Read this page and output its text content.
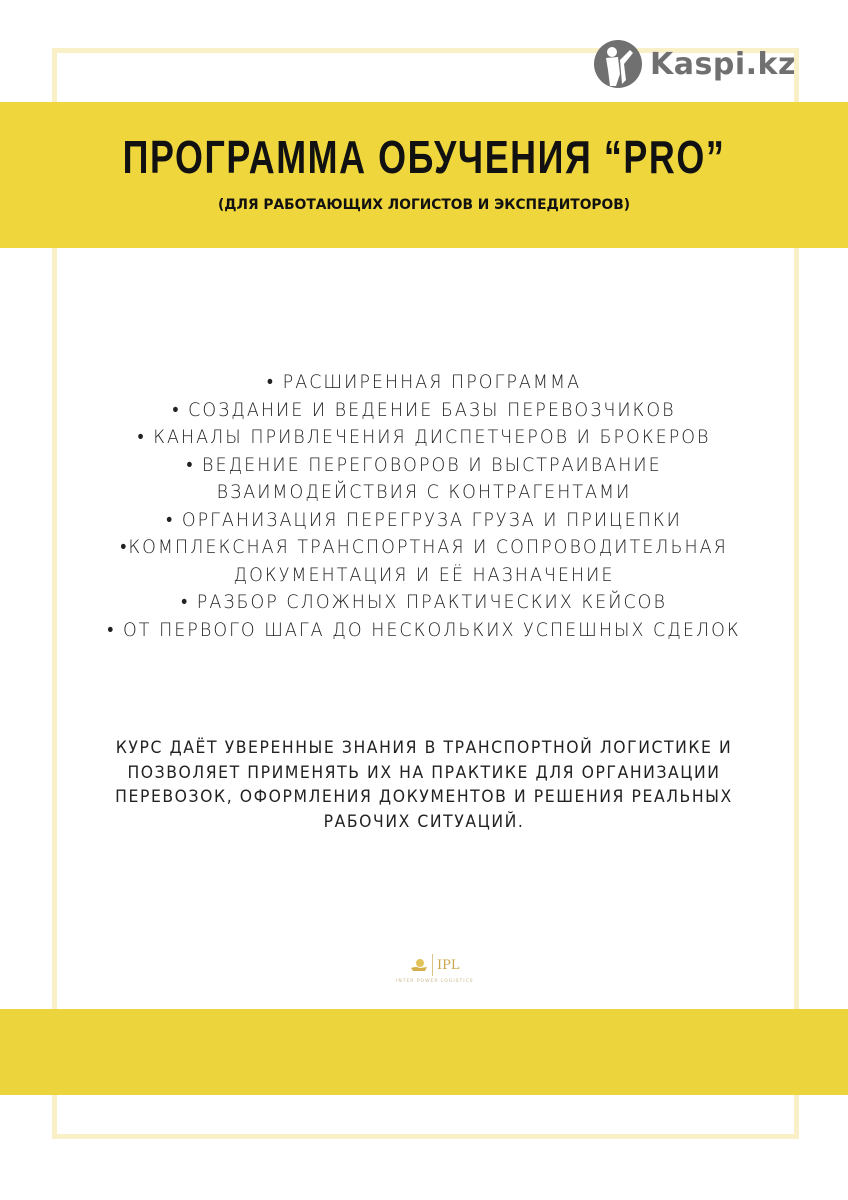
Kaspi.kz
ПРОГРАММА ОБУЧЕНИЯ “PRO”
(ДЛЯ РАБОТАЮЩИХ ЛОГИСТОВ И ЭКСПЕДИТОРОВ)
• РАСШИРЕННАЯ ПРОГРАММА
• СОЗДАНИЕ И ВЕДЕНИЕ БАЗЫ ПЕРЕВОЗЧИКОВ
• КАНАЛЫ ПРИВЛЕЧЕНИЯ ДИСПЕТЧЕРОВ И БРОКЕРОВ
• ВЕДЕНИЕ ПЕРЕГОВОРОВ И ВЫСТРАИВАНИЕ
ВЗАИМОДЕЙСТВИЯ С КОНТРАГЕНТАМИ
• ОРГАНИЗАЦИЯ ПЕРЕГРУЗА ГРУЗА И ПРИЦЕПКИ
•КОМПЛЕКСНАЯ ТРАНСПОРТНАЯ И СОПРОВОДИТЕЛЬНАЯ
ДОКУМЕНТАЦИЯ И ЕЁ НАЗНАЧЕНИЕ
• РАЗБОР СЛОЖНЫХ ПРАКТИЧЕСКИХ КЕЙСОВ
• ОТ ПЕРВОГО ШАГА ДО НЕСКОЛЬКИХ УСПЕШНЫХ СДЕЛОК
КУРС ДАЁТ УВЕРЕННЫЕ ЗНАНИЯ В ТРАНСПОРТНОЙ ЛОГИСТИКЕ И
ПОЗВОЛЯЕТ ПРИМЕНЯТЬ ИХ НА ПРАКТИКЕ ДЛЯ ОРГАНИЗАЦИИ
ПЕРЕВОЗОК, ОФОРМЛЕНИЯ ДОКУМЕНТОВ И РЕШЕНИЯ РЕАЛЬНЫХ
РАБОЧИХ СИТУАЦИЙ.
IPL
INTER POWER LOGISTICS
